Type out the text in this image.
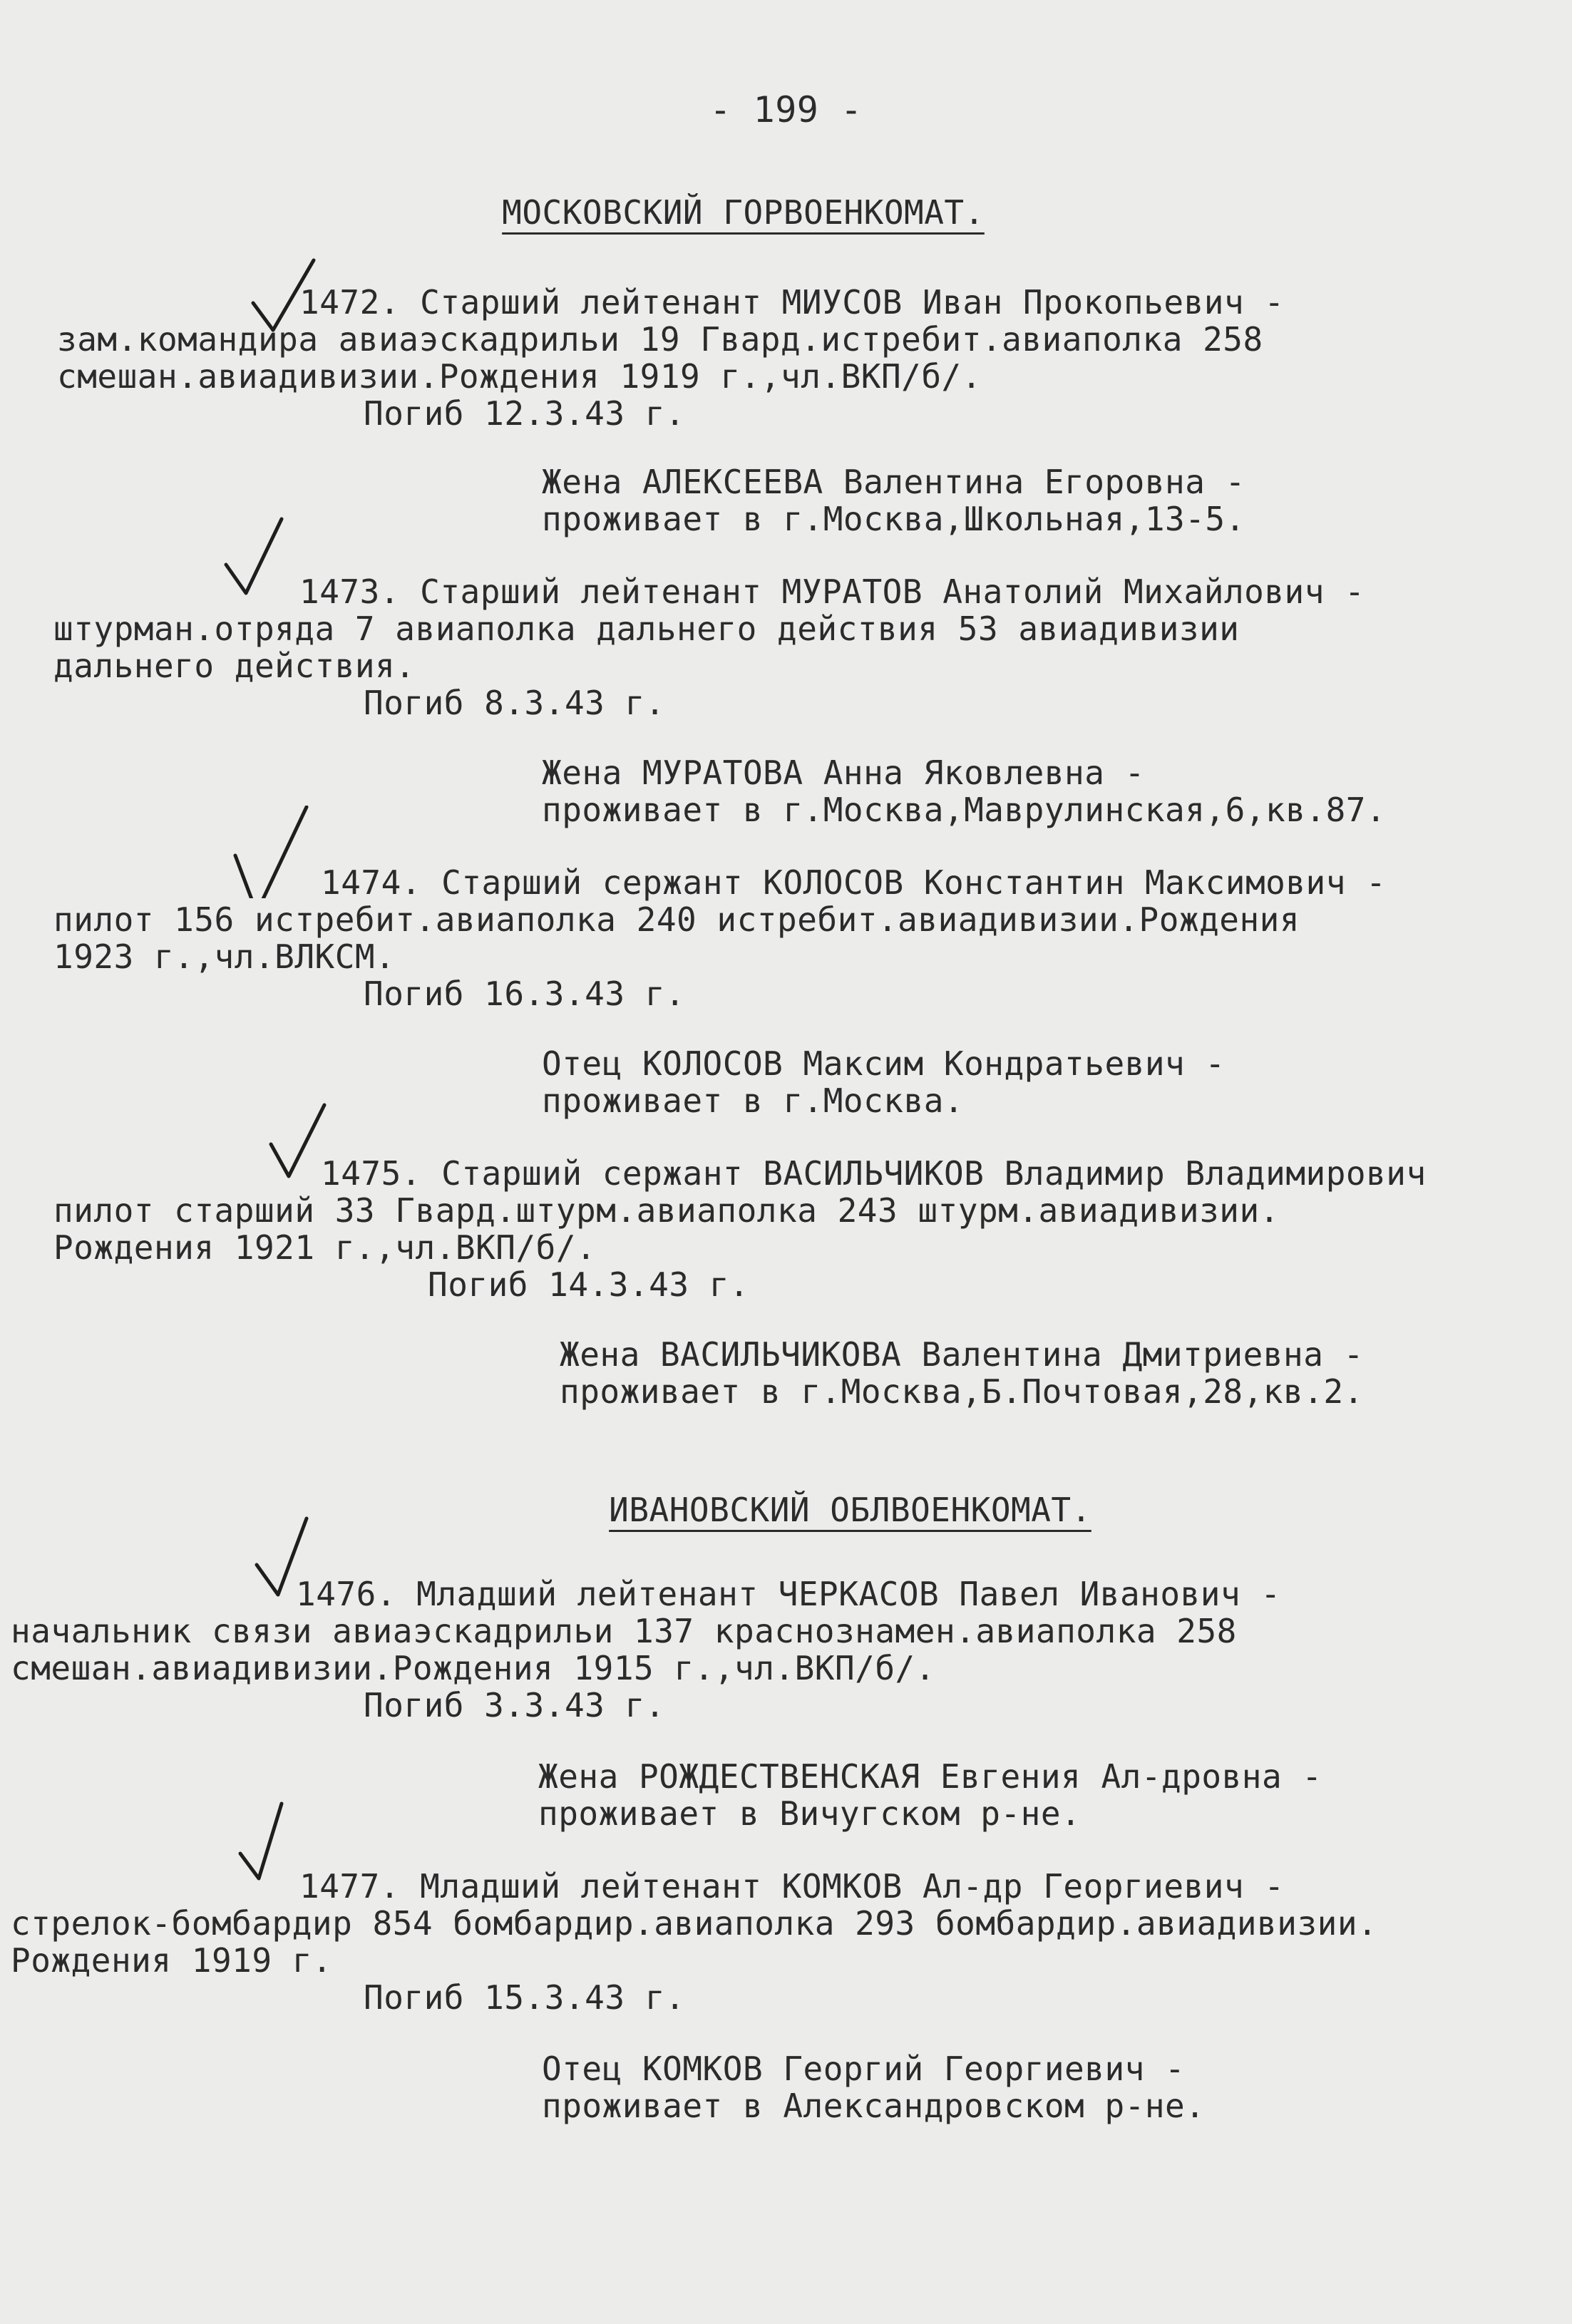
- 199 -
МОСКОВСКИЙ ГОРВОЕНКОМАТ.
1472. Старший лейтенант МИУСОВ Иван Прокопьевич -
зам.командира авиаэскадрильи 19 Гвард.истребит.авиаполка 258
смешан.авиадивизии.Рождения 1919 г.,чл.ВКП/б/.
Погиб 12.3.43 г.
Жена АЛЕКСЕЕВА Валентина Егоровна -
проживает в г.Москва,Школьная,13-5.
1473. Старший лейтенант МУРАТОВ Анатолий Михайлович -
штурман.отряда 7 авиаполка дальнего действия 53 авиадивизии
дальнего действия.
Погиб 8.3.43 г.
Жена МУРАТОВА Анна Яковлевна -
проживает в г.Москва,Маврулинская,6,кв.87.
1474. Старший сержант КОЛОСОВ Константин Максимович -
пилот 156 истребит.авиаполка 240 истребит.авиадивизии.Рождения
1923 г.,чл.ВЛКСМ.
Погиб 16.3.43 г.
Отец КОЛОСОВ Максим Кондратьевич -
проживает в г.Москва.
1475. Старший сержант ВАСИЛЬЧИКОВ Владимир Владимирович
пилот старший 33 Гвард.штурм.авиаполка 243 штурм.авиадивизии.
Рождения 1921 г.,чл.ВКП/б/.
Погиб 14.3.43 г.
Жена ВАСИЛЬЧИКОВА Валентина Дмитриевна -
проживает в г.Москва,Б.Почтовая,28,кв.2.
ИВАНОВСКИЙ ОБЛВОЕНКОМАТ.
1476. Младший лейтенант ЧЕРКАСОВ Павел Иванович -
начальник связи авиаэскадрильи 137 краснознамен.авиаполка 258
смешан.авиадивизии.Рождения 1915 г.,чл.ВКП/б/.
Погиб 3.3.43 г.
Жена РОЖДЕСТВЕНСКАЯ Евгения Ал-дровна -
проживает в Вичугском р-не.
1477. Младший лейтенант КОМКОВ Ал-др Георгиевич -
стрелок-бомбардир 854 бомбардир.авиаполка 293 бомбардир.авиадивизии.
Рождения 1919 г.
Погиб 15.3.43 г.
Отец КОМКОВ Георгий Георгиевич -
проживает в Александровском р-не.
